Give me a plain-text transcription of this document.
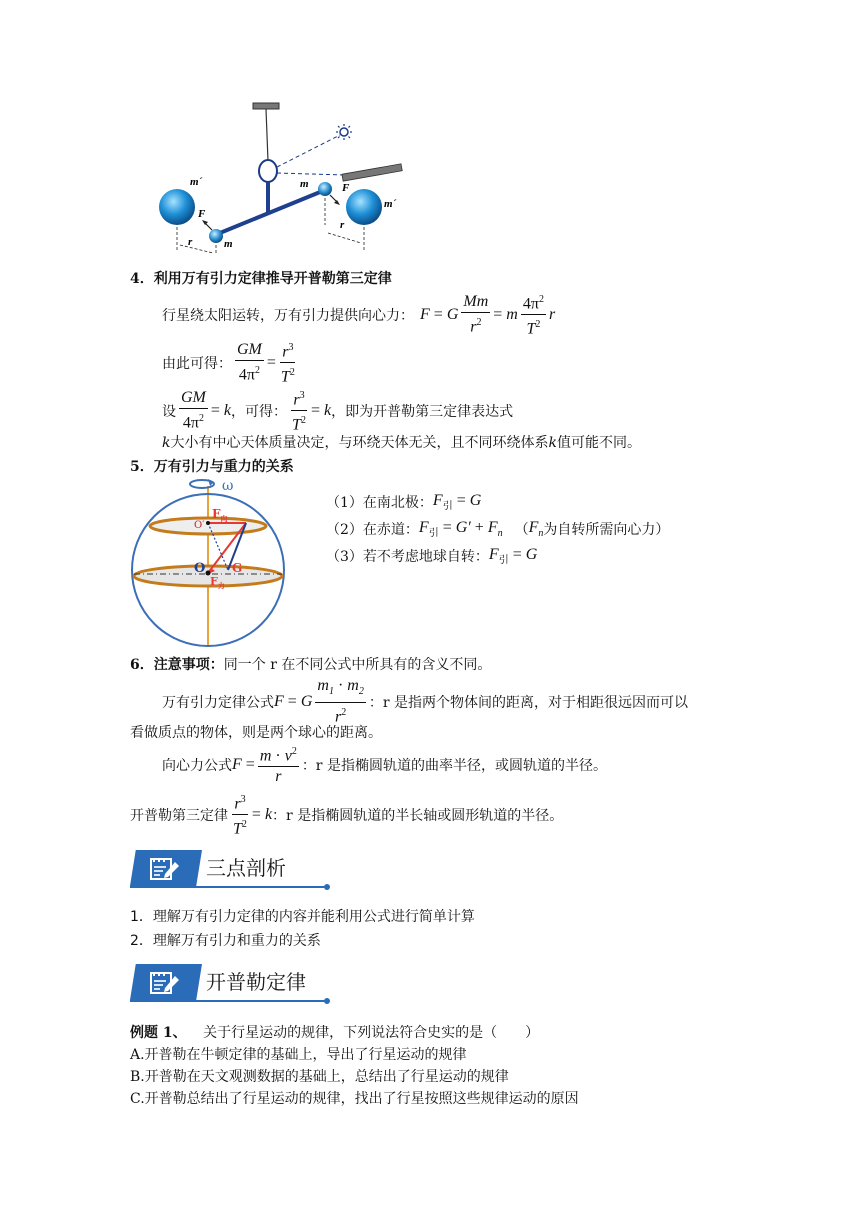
m´
m´
F
F
m
m
r
r
4．利用万有引力定律推导开普勒第三定律
行星绕太阳运转，万有引力提供向心力： F = G $\frac{Mm}{r^2} = m \frac{4\pi^2}{T^2}$ r
由此可得： $\frac{GM}{4\pi^2} = \frac{r^3}{T^2}$
设 $\frac{GM}{4\pi^2} = k$ ，可得： $\frac{r^3}{T^2} = k$ ，即为开普勒第三定律表达式
k大小有中心天体质量决定，与环绕天体无关，且不同环绕体系k值可能不同。
5．万有引力与重力的关系
ω
O′
$F_向$
O
$F_力$
G
（1）在南北极： $F_引 = G$
（2）在赤道： $F_引 = G' + F_n$ （ $F_n$ 为自转所需向心力）
（3）若不考虑地球自转： $F_引 = G$
6．注意事项：同一个 r 在不同公式中所具有的含义不同。
万有引力定律公式 F = G $\frac{m_1 \cdot m_2}{r^2}$ ：r 是指两个物体间的距离，对于相距很远因而可以
看做质点的物体，则是两个球心的距离。
向心力公式 $F = \frac{m \cdot v^2}{r}$ ：r 是指椭圆轨道的曲率半径，或圆轨道的半径。
开普勒第三定律 $\frac{r^3}{T^2} = k$ ：r 是指椭圆轨道的半长轴或圆形轨道的半径。
三点剖析
1．理解万有引力定律的内容并能利用公式进行简单计算
2．理解万有引力和重力的关系
开普勒定律
例题 1、 关于行星运动的规律，下列说法符合史实的是（　　）
A.开普勒在牛顿定律的基础上，导出了行星运动的规律
B.开普勒在天文观测数据的基础上，总结出了行星运动的规律
C.开普勒总结出了行星运动的规律，找出了行星按照这些规律运动的原因
